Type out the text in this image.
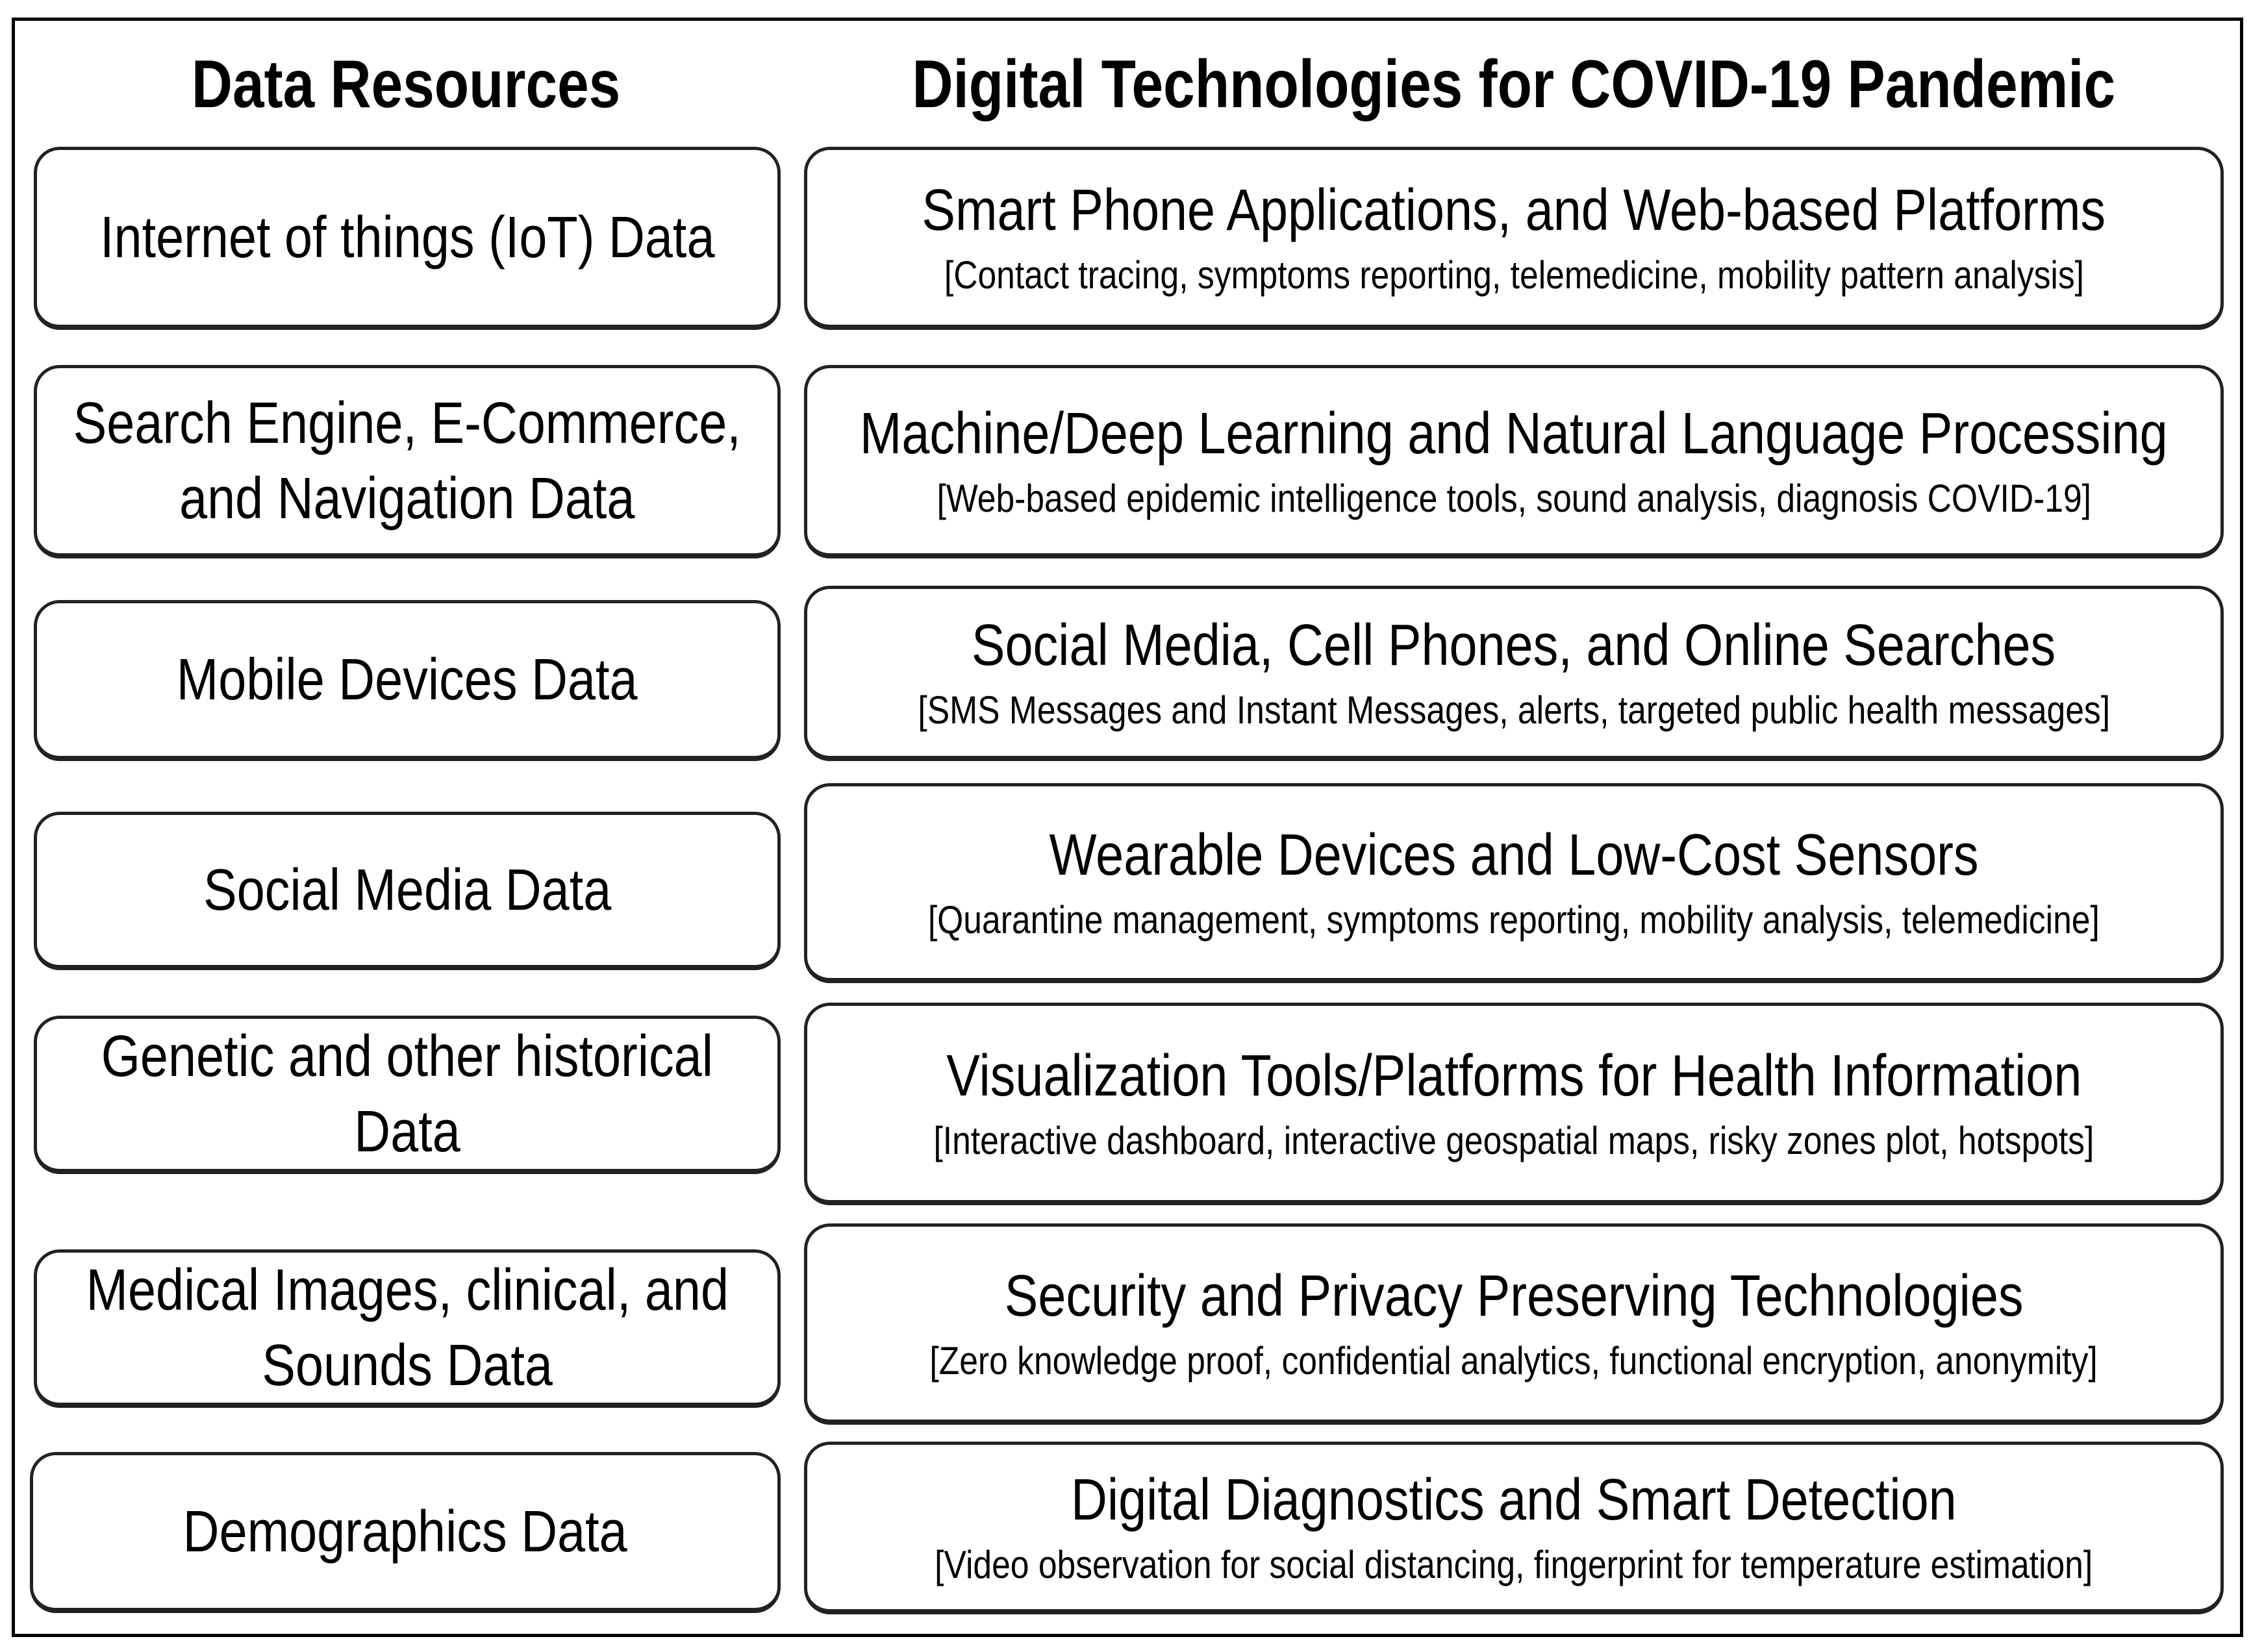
Data Resources	Digital Technologies for COVID-19 Pandemic
Internet of things (IoT) Data
Search Engine, E-Commerce,
and Navigation Data
Mobile Devices Data
Social Media Data
Genetic and other historical
Data
Medical Images, clinical, and
Sounds Data
Demographics Data
Smart Phone Applications, and Web-based Platforms
[Contact tracing, symptoms reporting, telemedicine, mobility pattern analysis]
Machine/Deep Learning and Natural Language Processing
[Web-based epidemic intelligence tools, sound analysis, diagnosis COVID-19]
Social Media, Cell Phones, and Online Searches
[SMS Messages and Instant Messages, alerts, targeted public health messages]
Wearable Devices and Low-Cost Sensors
[Quarantine management, symptoms reporting, mobility analysis, telemedicine]
Visualization Tools/Platforms for Health Information
[Interactive dashboard, interactive geospatial maps, risky zones plot, hotspots]
Security and Privacy Preserving Technologies
[Zero knowledge proof, confidential analytics, functional encryption, anonymity]
Digital Diagnostics and Smart Detection
[Video observation for social distancing, fingerprint for temperature estimation]
